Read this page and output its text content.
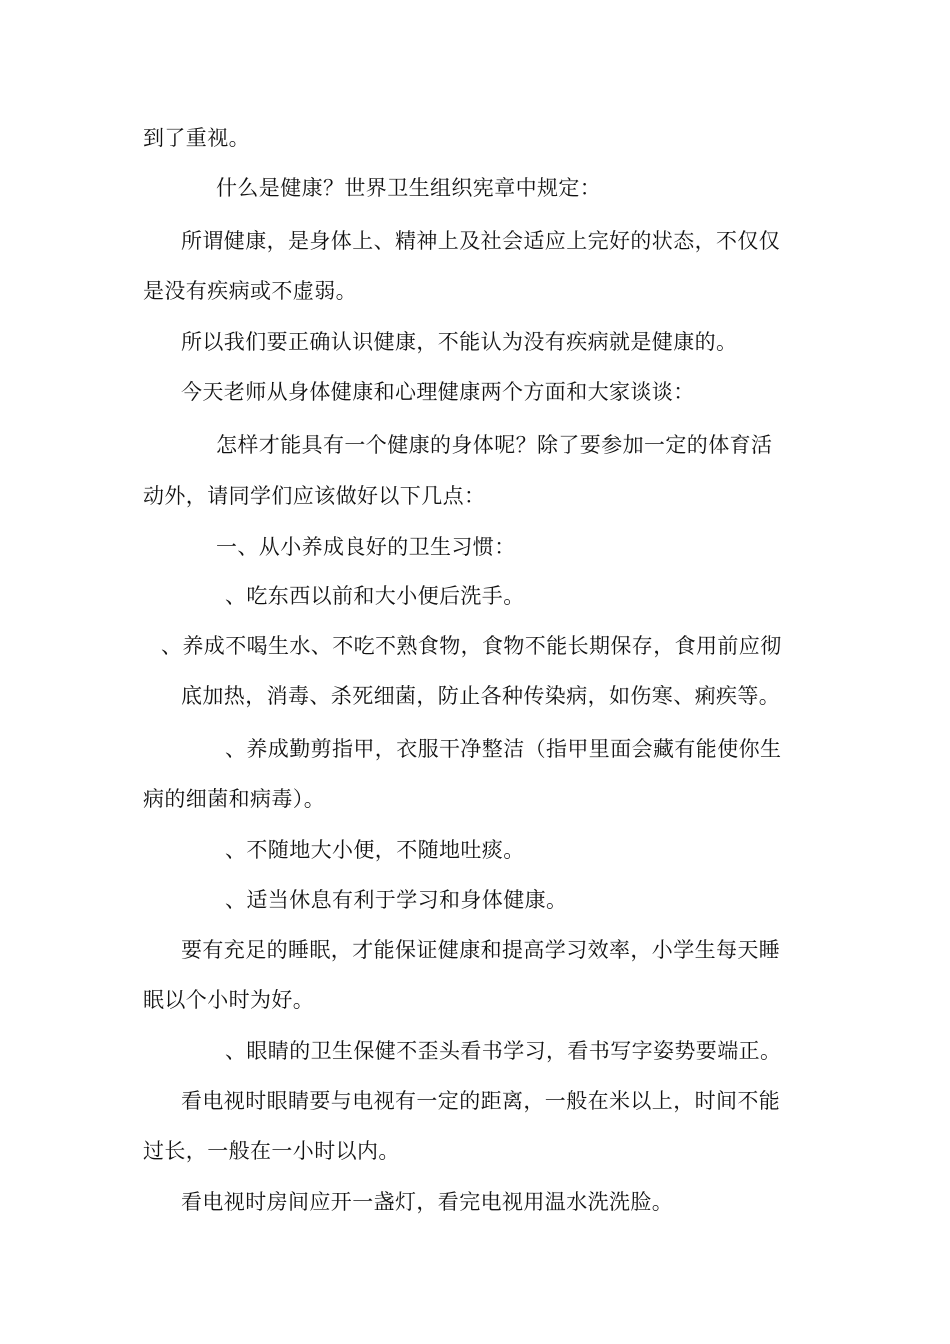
到了重视。
什么是健康？世界卫生组织宪章中规定：
所谓健康，是身体上、精神上及社会适应上完好的状态，不仅仅
是没有疾病或不虚弱。
所以我们要正确认识健康，不能认为没有疾病就是健康的。
今天老师从身体健康和心理健康两个方面和大家谈谈：
怎样才能具有一个健康的身体呢？除了要参加一定的体育活
动外，请同学们应该做好以下几点：
一、从小养成良好的卫生习惯：
、吃东西以前和大小便后洗手。
、养成不喝生水、不吃不熟食物，食物不能长期保存，食用前应彻
底加热，消毒、杀死细菌，防止各种传染病，如伤寒、痢疾等。
、养成勤剪指甲，衣服干净整洁（指甲里面会藏有能使你生
病的细菌和病毒）。
、不随地大小便，不随地吐痰。
、适当休息有利于学习和身体健康。
要有充足的睡眠，才能保证健康和提高学习效率，小学生每天睡
眠以个小时为好。
、眼睛的卫生保健不歪头看书学习，看书写字姿势要端正。
看电视时眼睛要与电视有一定的距离，一般在米以上，时间不能
过长，一般在一小时以内。
看电视时房间应开一盏灯，看完电视用温水洗洗脸。
